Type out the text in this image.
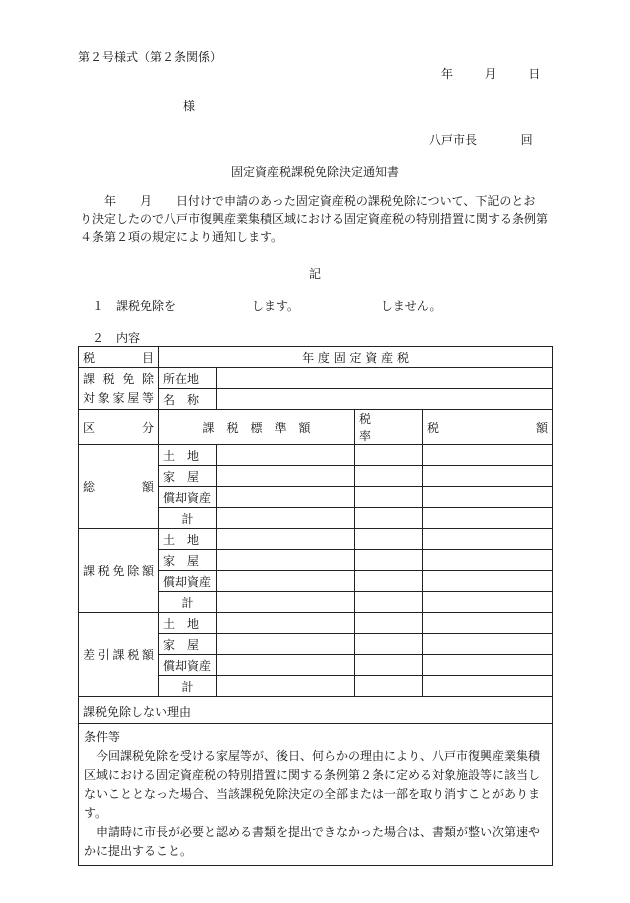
第２号様式（第２条関係）
年	月	日
様
八戸市長	回
固定資産税課税免除決定通知書

　　年　　月　　日付けで申請のあった固定資産税の課税免除について、下記のとお

り決定したので八戸市復興産業集積区域における固定資産税の特別措置に関する条例第

４条第２項の規定により通知します。

記
１　課税免除を	します。	しません。
２　内容
税　　　目	年 度 固 定 資 産 税			

課 税 免 除
対象家屋等	所在地			
	名　称			
区　　　分	課　税　標　準　額		税　　　率	税　　　　　　　額
総　　　額	土　地			
	家　屋			
	償却資産			
	計			
課税免除額	土　地			
	家　屋			
	償却資産			
	計			
差引課税額	土　地			
	家　屋			
	償却資産			
	計			
課税免除しない理由				

条件等

今回課税免除を受ける家屋等が、後日、何らかの理由により、八戸市復興産業集積区域における固定資産税の特別措置に関する条例第２条に定める対象施設等に該当しないこととなった場合、当該課税免除決定の全部または一部を取り消すことがあります。

申請時に市長が必要と認める書類を提出できなかった場合は、書類が整い次第速やかに提出すること。				
